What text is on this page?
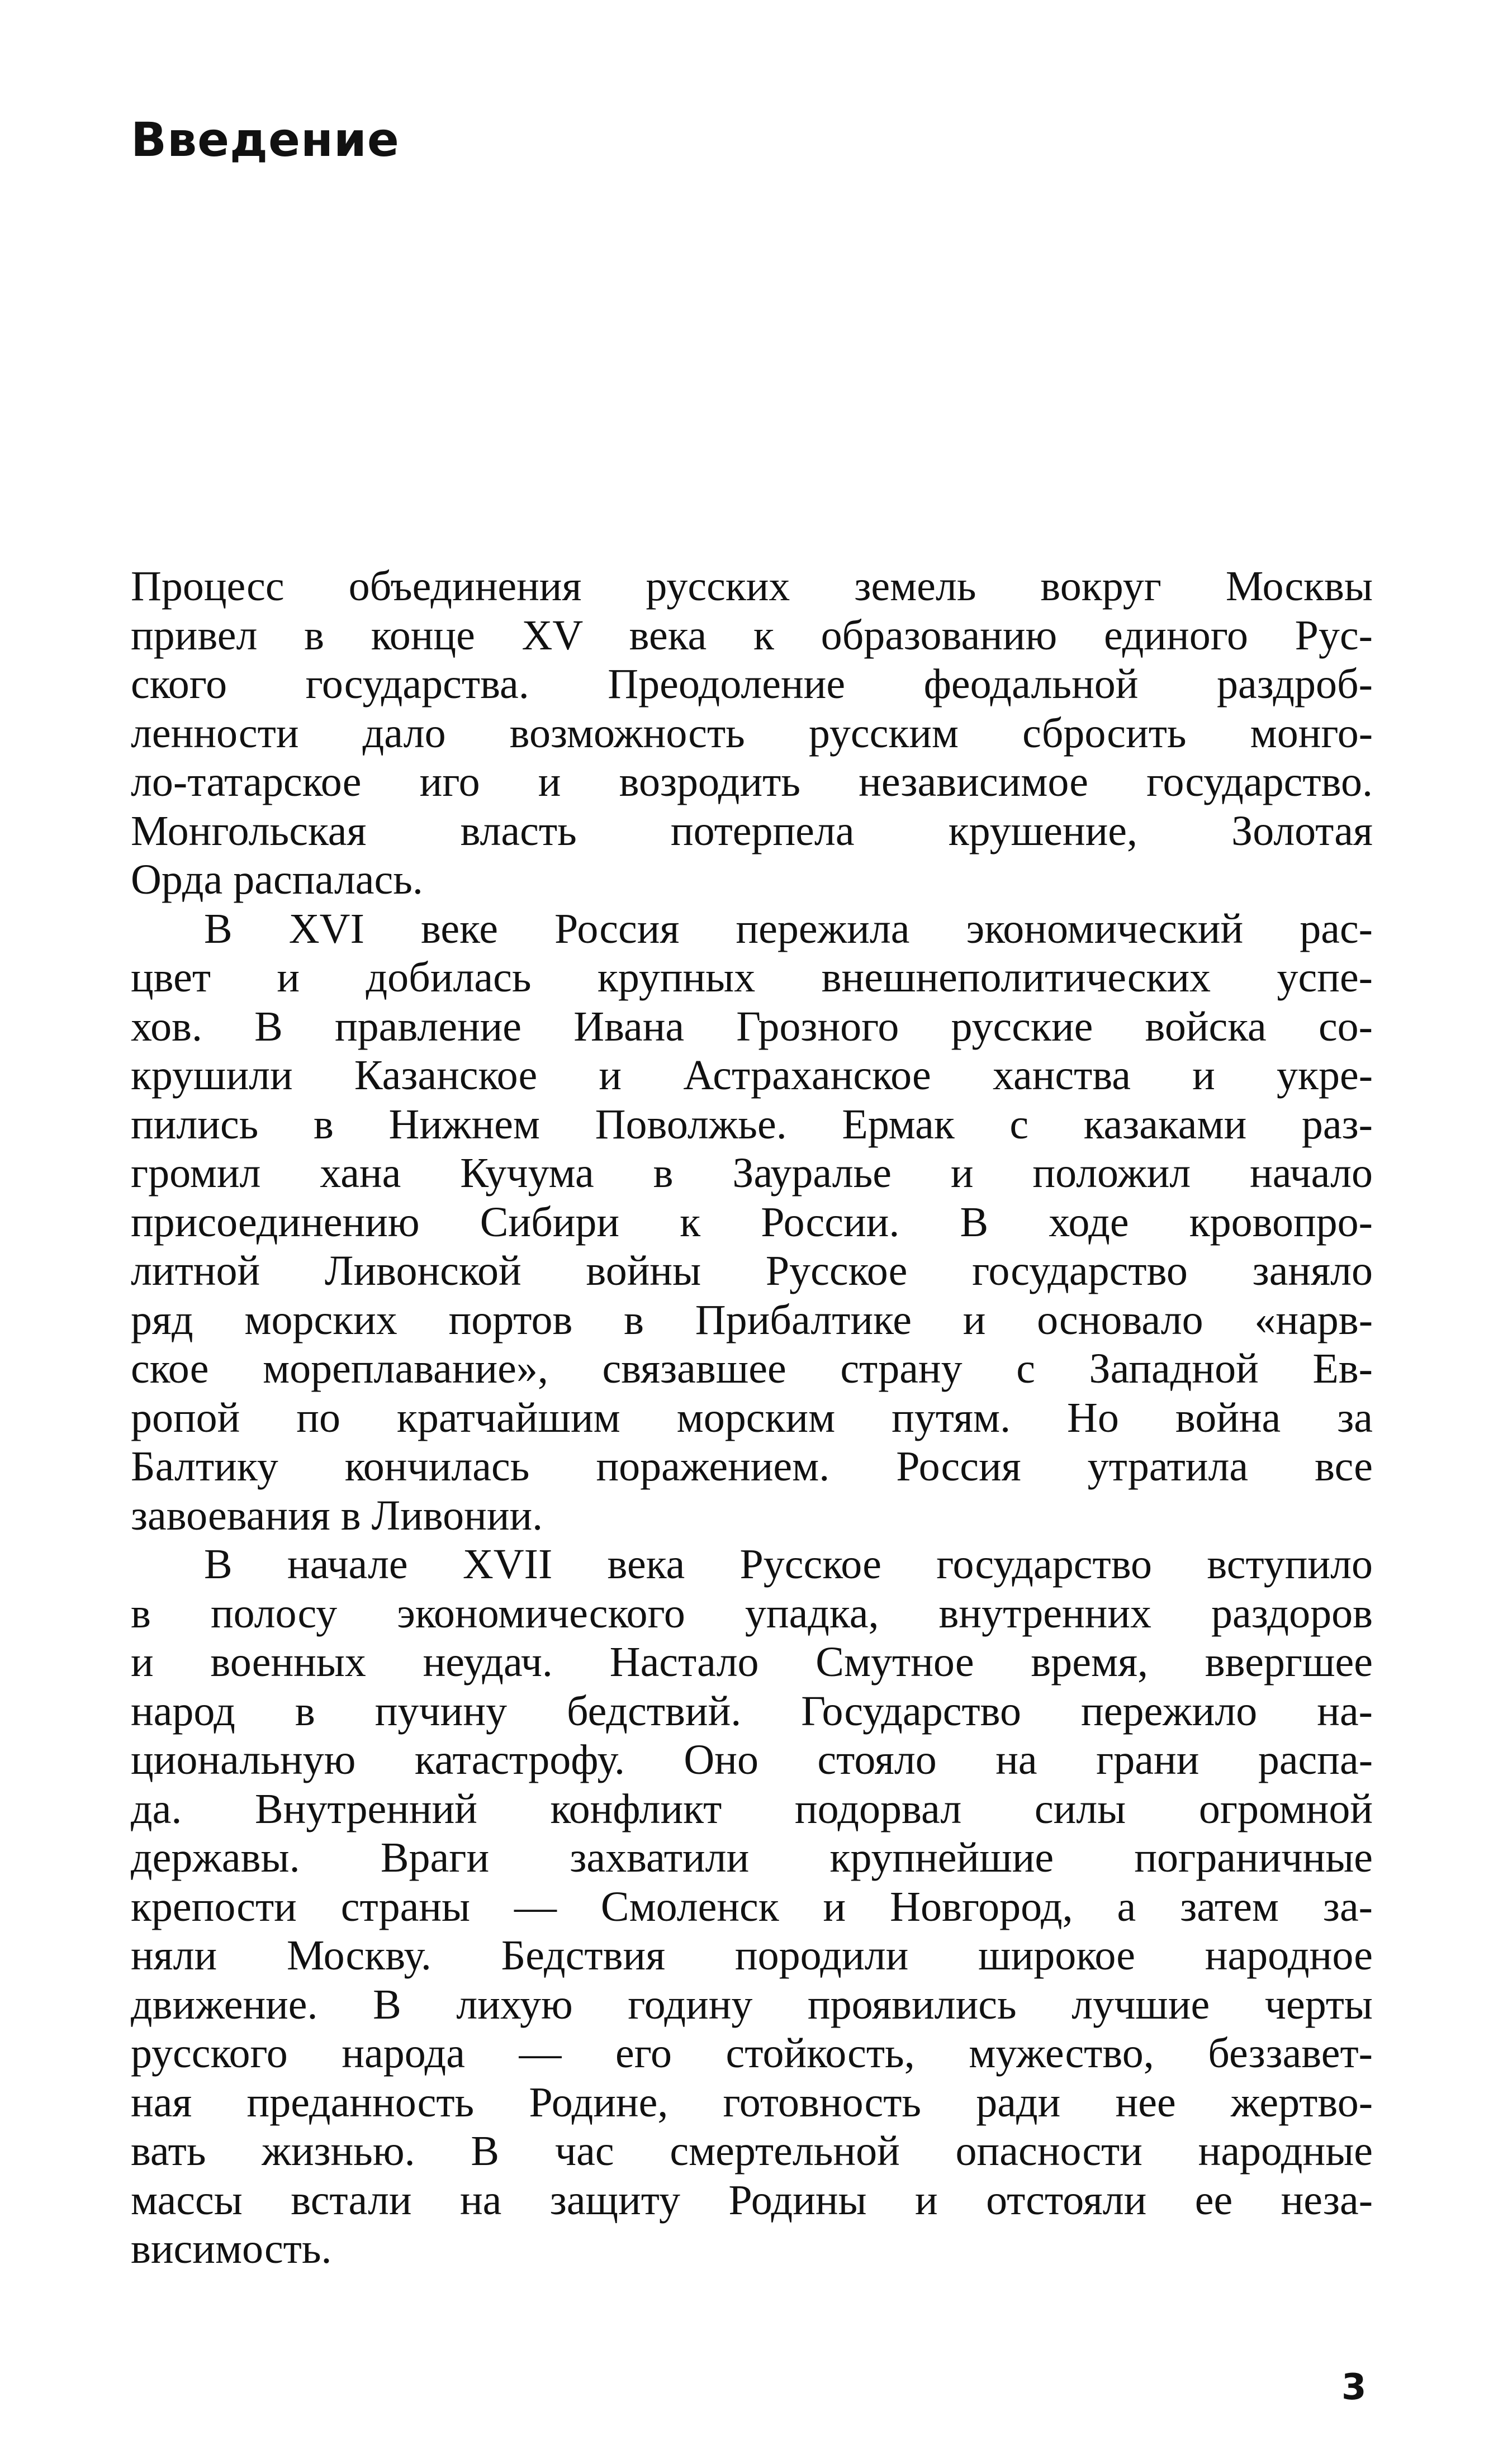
Введение
Процесс объединения русских земель вокруг Москвы
привел в конце XV века к образованию единого Рус-
ского государства. Преодоление феодальной раздроб-
ленности дало возможность русским сбросить монго-
ло-татарское иго и возродить независимое государство.
Монгольская власть потерпела крушение, Золотая
Орда распалась.
В XVI веке Россия пережила экономический рас-
цвет и добилась крупных внешнеполитических успе-
хов. В правление Ивана Грозного русские войска со-
крушили Казанское и Астраханское ханства и укре-
пились в Нижнем Поволжье. Ермак с казаками раз-
громил хана Кучума в Зауралье и положил начало
присоединению Сибири к России. В ходе кровопро-
литной Ливонской войны Русское государство заняло
ряд морских портов в Прибалтике и основало «нарв-
ское мореплавание», связавшее страну с Западной Ев-
ропой по кратчайшим морским путям. Но война за
Балтику кончилась поражением. Россия утратила все
завоевания в Ливонии.
В начале XVII века Русское государство вступило
в полосу экономического упадка, внутренних раздоров
и военных неудач. Настало Смутное время, ввергшее
народ в пучину бедствий. Государство пережило на-
циональную катастрофу. Оно стояло на грани распа-
да. Внутренний конфликт подорвал силы огромной
державы. Враги захватили крупнейшие пограничные
крепости страны — Смоленск и Новгород, а затем за-
няли Москву. Бедствия породили широкое народное
движение. В лихую годину проявились лучшие черты
русского народа — его стойкость, мужество, беззавет-
ная преданность Родине, готовность ради нее жертво-
вать жизнью. В час смертельной опасности народные
массы встали на защиту Родины и отстояли ее неза-
висимость.
3
